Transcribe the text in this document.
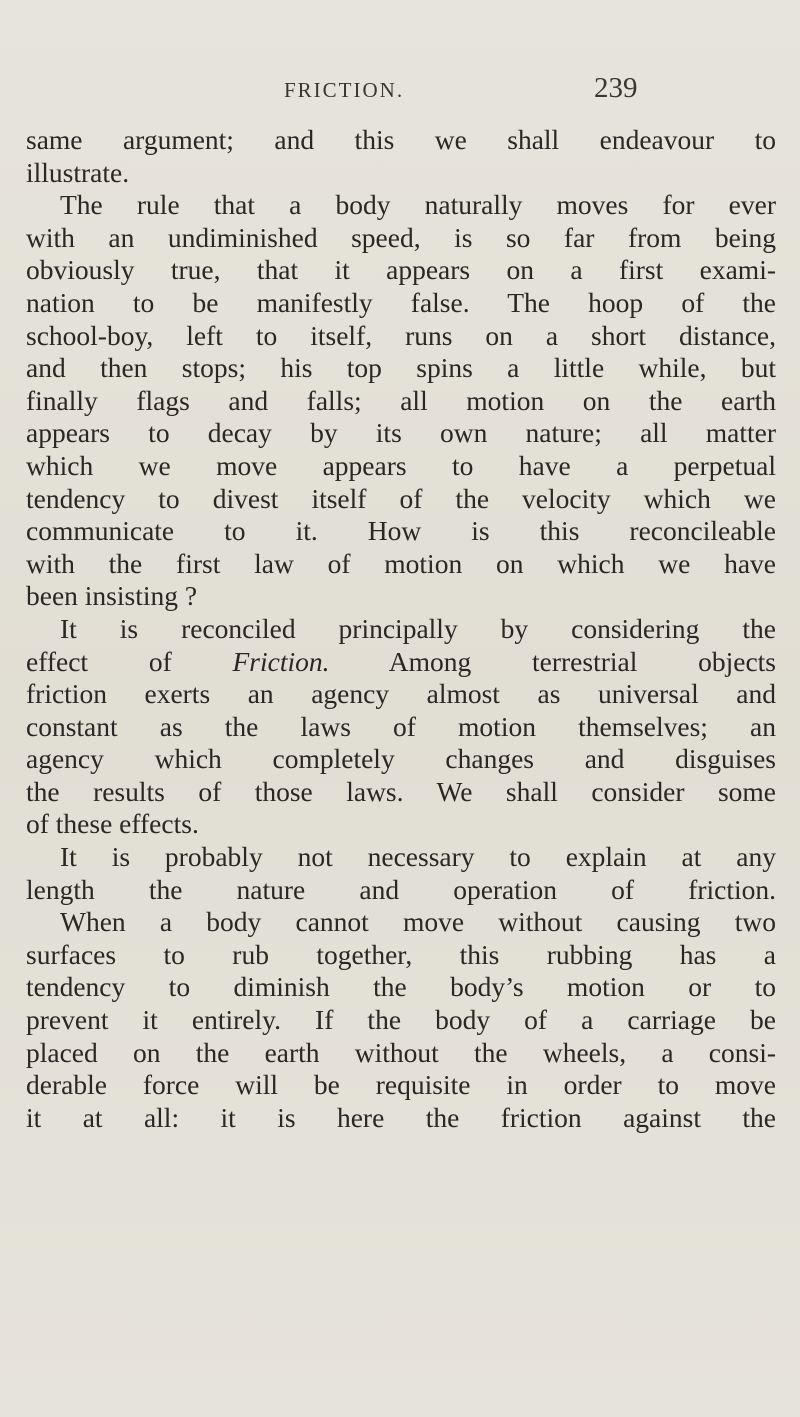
FRICTION.	239
same argument; and this we shall endeavour to
illustrate.
The rule that a body naturally moves for ever
with an undiminished speed, is so far from being
obviously true, that it appears on a first exami-
nation to be manifestly false. The hoop of the
school-boy, left to itself, runs on a short distance,
and then stops; his top spins a little while, but
finally flags and falls; all motion on the earth
appears to decay by its own nature; all matter
which we move appears to have a perpetual
tendency to divest itself of the velocity which we
communicate to it. How is this reconcileable
with the first law of motion on which we have
been insisting ?
It is reconciled principally by considering the
effect of Friction. Among terrestrial objects
friction exerts an agency almost as universal and
constant as the laws of motion themselves; an
agency which completely changes and disguises
the results of those laws. We shall consider some
of these effects.
It is probably not necessary to explain at any
length the nature and operation of friction.
When a body cannot move without causing two
surfaces to rub together, this rubbing has a
tendency to diminish the body’s motion or to
prevent it entirely. If the body of a carriage be
placed on the earth without the wheels, a consi-
derable force will be requisite in order to move
it at all: it is here the friction against the
